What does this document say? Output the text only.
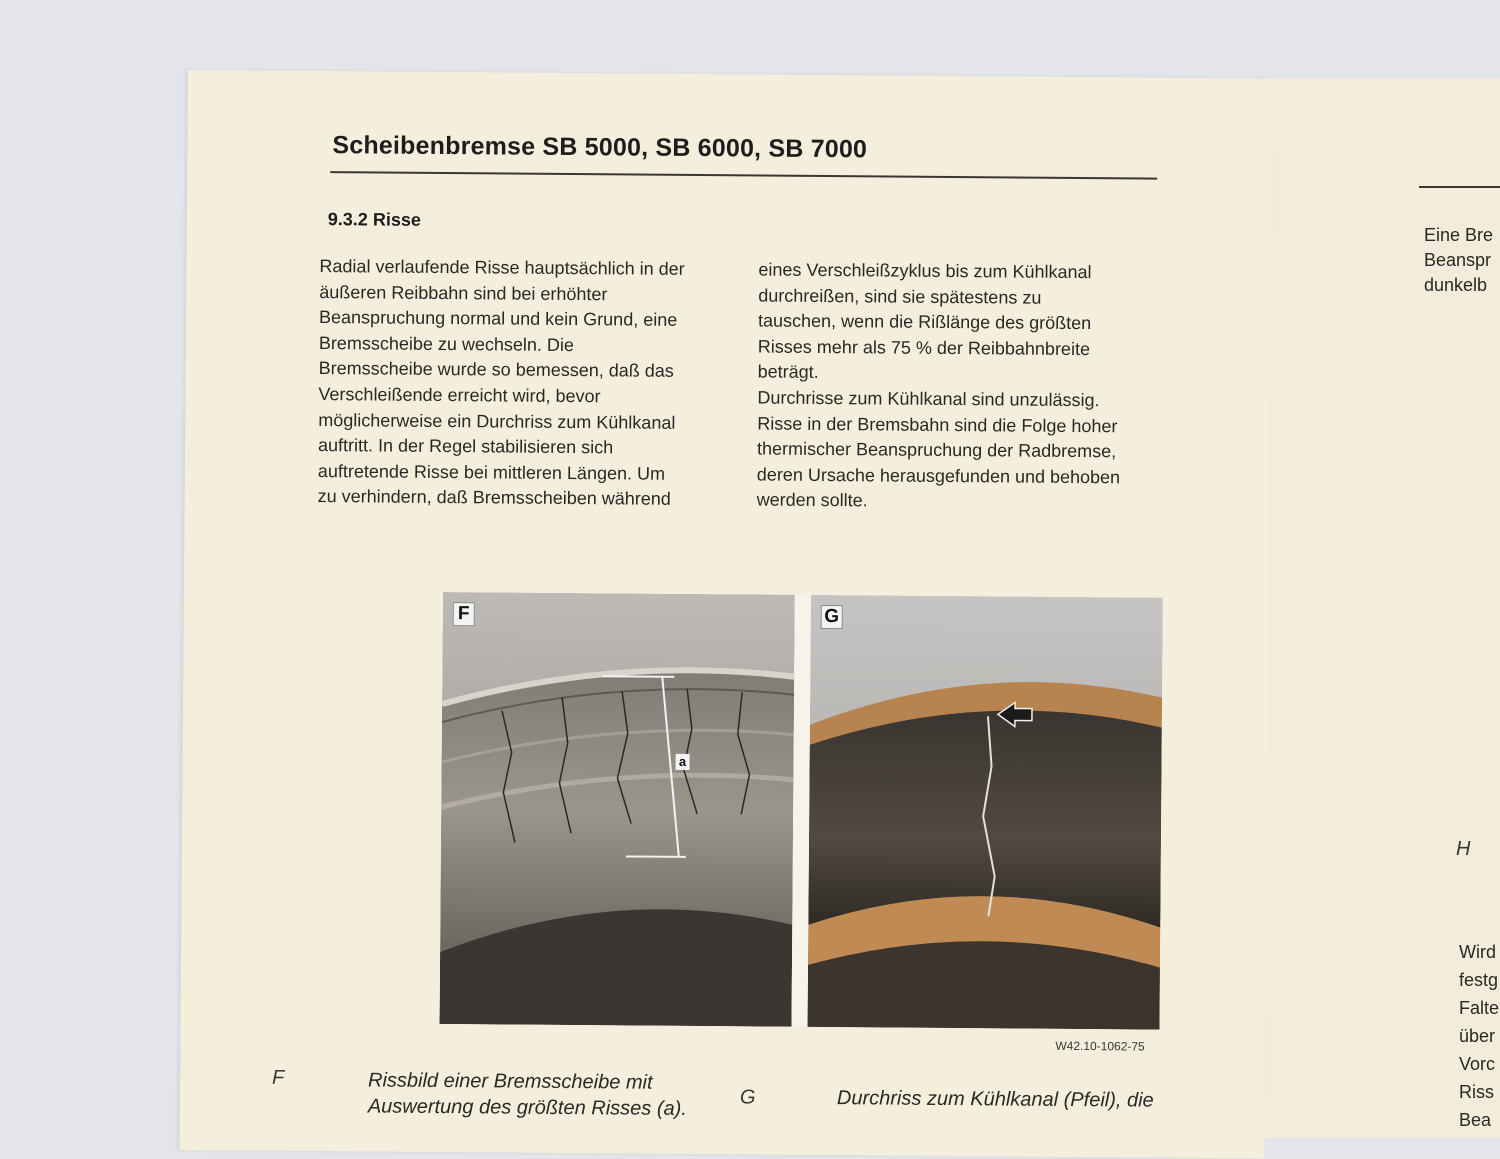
Eine Bre
Beanspr
dunkelb
H
Wird
festg
Falte
über
Vorc
Riss
Bea
Scheibenbremse SB 5000, SB 6000, SB 7000
9.3.2 Risse
Radial verlaufende Risse hauptsächlich in der
äußeren Reibbahn sind bei erhöhter
Beanspruchung normal und kein Grund, eine
Bremsscheibe zu wechseln. Die
Bremsscheibe wurde so bemessen, daß das
Verschleißende erreicht wird, bevor
möglicherweise ein Durchriss zum Kühlkanal
auftritt. In der Regel stabilisieren sich
auftretende Risse bei mittleren Längen. Um
zu verhindern, daß Bremsscheiben während
eines Verschleißzyklus bis zum Kühlkanal
durchreißen, sind sie spätestens zu
tauschen, wenn die Rißlänge des größten
Risses mehr als 75 % der Reibbahnbreite
beträgt.
Durchrisse zum Kühlkanal sind unzulässig.
Risse in der Bremsbahn sind die Folge hoher
thermischer Beanspruchung der Radbremse,
deren Ursache herausgefunden und behoben
werden sollte.
F
a
G
W42.10-1062-75
F	Rissbild einer Bremsscheibe mit
Auswertung des größten Risses (a).	G	Durchriss zum Kühlkanal (Pfeil), die
